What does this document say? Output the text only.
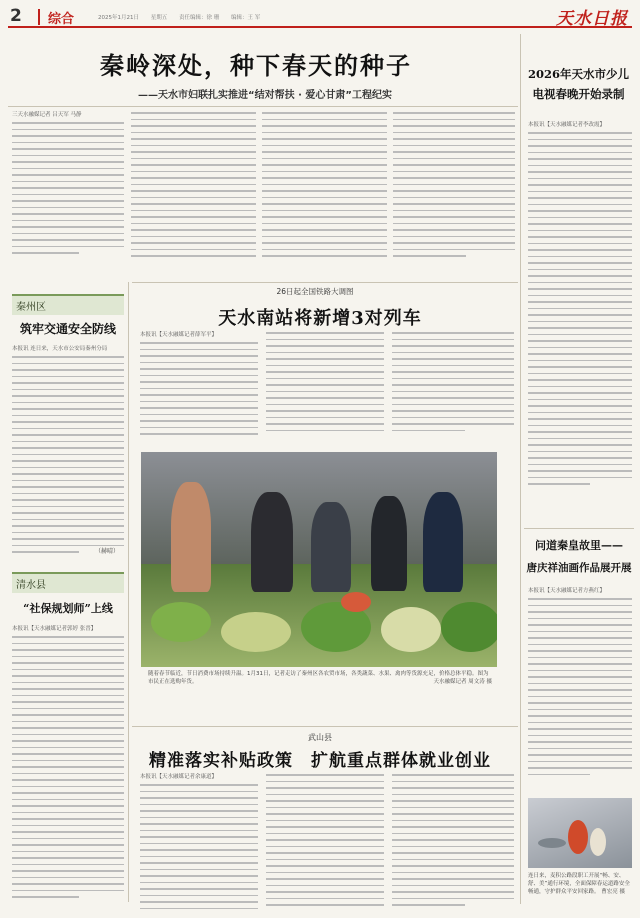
2 综合	2025年1月21日 星期五 责任编辑：徐 珊 编辑：王 军	天水日报
秦岭深处，种下春天的种子
——天水市妇联扎实推进“结对帮扶 · 爱心甘肃”工程纪实
三天水融媒记者 吕天军 马静
2026年天水市少儿
电视春晚开始录制
本报讯【天水融媒记者李改霞】
问道秦皇故里——
唐庆祥油画作品展开展
本报讯【天水融媒记者方燕红】
连日来，麦积公路段职工开展“畅、安、舒、美”通行环境，全面保障春运道路安全畅通，守护群众平安回家路。 曹宏亮 摄
秦州区
筑牢交通安全防线
本报讯 连日来，天水市公安局秦州分局
（赫晴）
清水县
“社保规划师”上线
本报讯【天水融媒记者郭婷 张晋】
26日起全国铁路大调图
天水南站将新增3对列车
本报讯【天水融媒记者薛军平】
随着春节临近，节日消费市场持续升温。1月31日，记者走访了秦州区各农贸市场，各类蔬菜、水果、禽肉等货源充足，价格总体平稳。图为市民正在选购年货。	天水融媒记者 周文涛 摄
武山县
精准落实补贴政策　扩航重点群体就业创业
本报讯【天水融媒记者余康道】
